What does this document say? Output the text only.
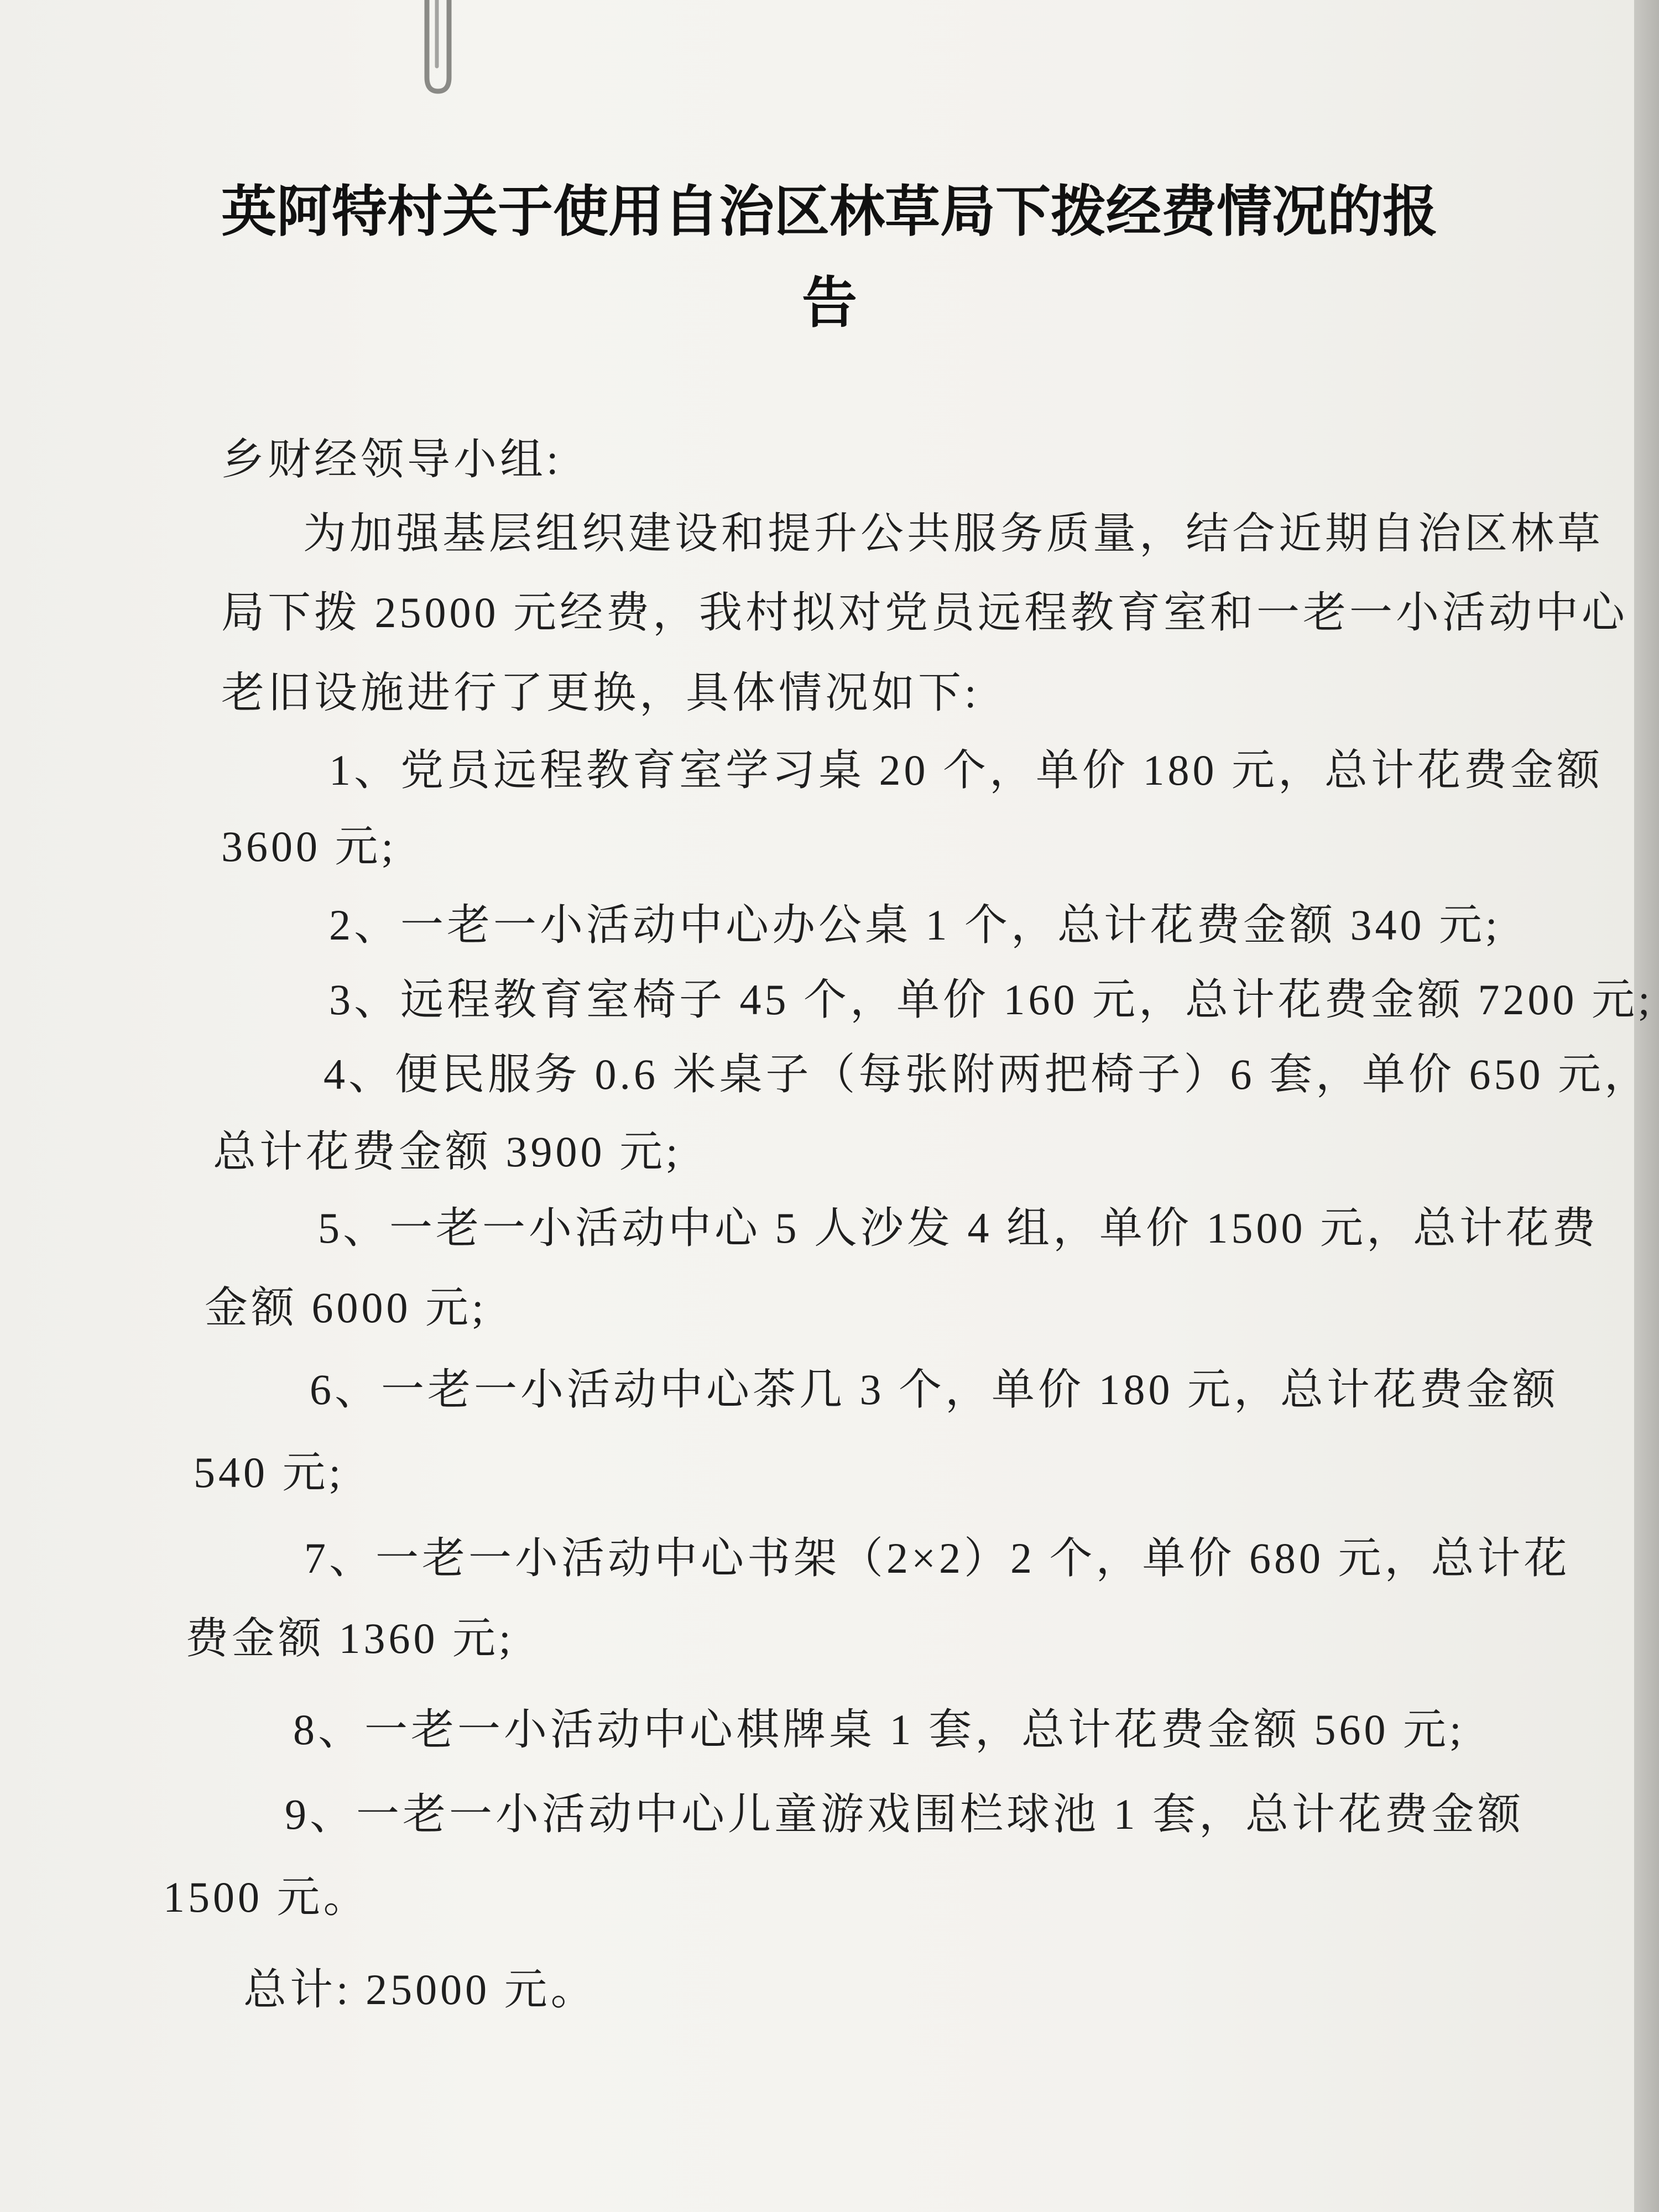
英阿特村关于使用自治区林草局下拨经费情况的报
告
乡财经领导小组:
为加强基层组织建设和提升公共服务质量，结合近期自治区林草
局下拨 25000 元经费，我村拟对党员远程教育室和一老一小活动中心
老旧设施进行了更换，具体情况如下:
1、党员远程教育室学习桌 20 个，单价 180 元，总计花费金额
3600 元;
2、一老一小活动中心办公桌 1 个，总计花费金额 340 元;
3、远程教育室椅子 45 个，单价 160 元，总计花费金额 7200 元;
4、便民服务 0.6 米桌子（每张附两把椅子）6 套，单价 650 元，
总计花费金额 3900 元;
5、一老一小活动中心 5 人沙发 4 组，单价 1500 元，总计花费
金额 6000 元;
6、一老一小活动中心茶几 3 个，单价 180 元，总计花费金额
540 元;
7、一老一小活动中心书架（2×2）2 个，单价 680 元，总计花
费金额 1360 元;
8、一老一小活动中心棋牌桌 1 套，总计花费金额 560 元;
9、一老一小活动中心儿童游戏围栏球池 1 套，总计花费金额
1500 元。
总计: 25000 元。
